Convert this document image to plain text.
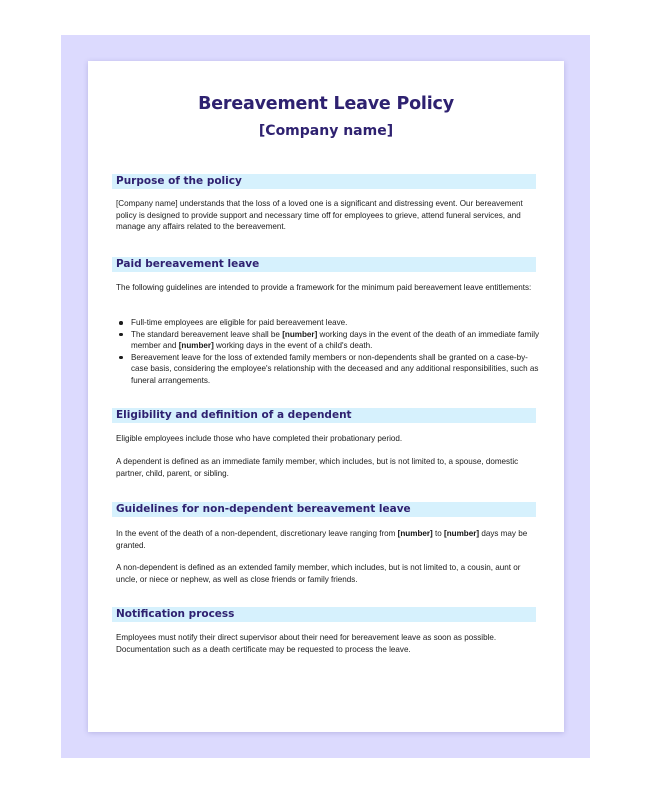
Bereavement Leave Policy
[Company name]
Purpose of the policy

[Company name] understands that the loss of a loved one is a significant and distressing event. Our bereavement policy is designed to provide support and necessary time off for employees to grieve, attend funeral services, and manage any affairs related to the bereavement.

Paid bereavement leave

The following guidelines are intended to provide a framework for the minimum paid bereavement leave entitlements:

Full-time employees are eligible for paid bereavement leave.
The standard bereavement leave shall be [number] working days in the event of the death of an immediate family member and [number] working days in the event of a child's death.
Bereavement leave for the loss of extended family members or non-dependents shall be granted on a case-by-case basis, considering the employee's relationship with the deceased and any additional responsibilities, such as funeral arrangements.
Eligibility and definition of a dependent

Eligible employees include those who have completed their probationary period.

A dependent is defined as an immediate family member, which includes, but is not limited to, a spouse, domestic partner, child, parent, or sibling.

Guidelines for non-dependent bereavement leave

In the event of the death of a non-dependent, discretionary leave ranging from [number] to [number] days may be granted.

A non-dependent is defined as an extended family member, which includes, but is not limited to, a cousin, aunt or uncle, or niece or nephew, as well as close friends or family friends.

Notification process

Employees must notify their direct supervisor about their need for bereavement leave as soon as possible. Documentation such as a death certificate may be requested to process the leave.
